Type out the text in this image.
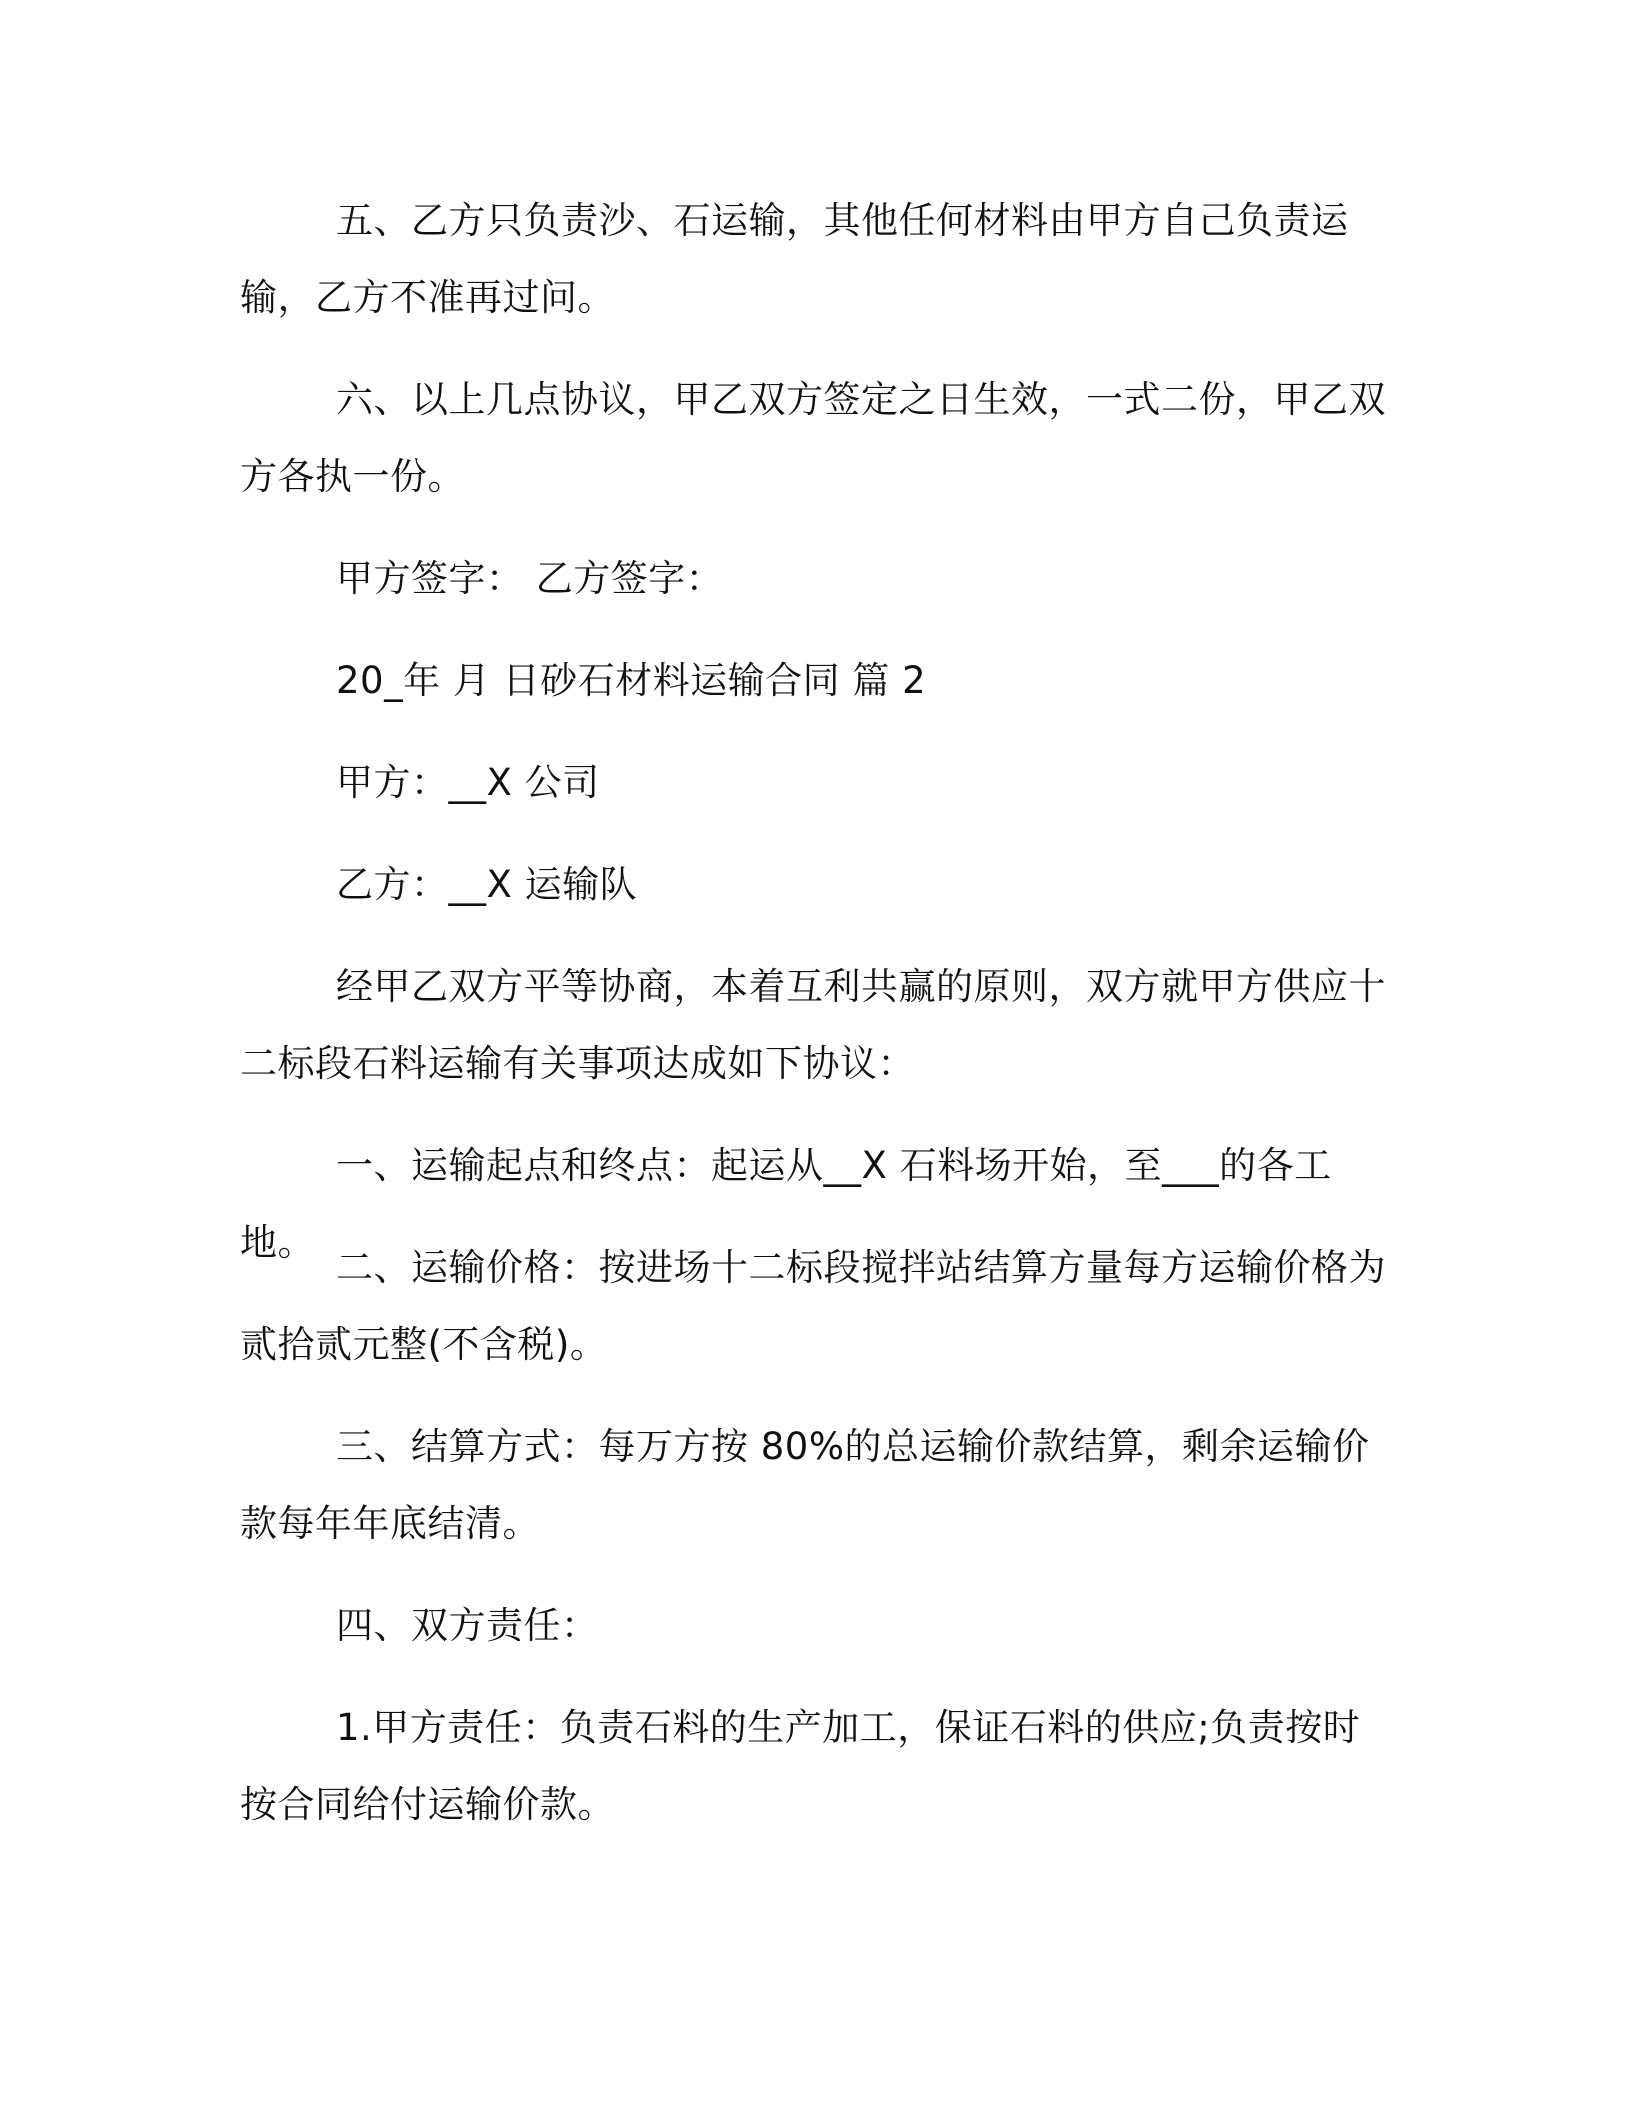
五、乙方只负责沙、石运输，其他任何材料由甲方自己负责运输，乙方不准再过问。

六、以上几点协议，甲乙双方签定之日生效，一式二份，甲乙双方各执一份。

甲方签字： 乙方签字：

20_年 月 日砂石材料运输合同 篇 2

甲方：__X 公司

乙方：__X 运输队

经甲乙双方平等协商，本着互利共赢的原则，双方就甲方供应十二标段石料运输有关事项达成如下协议：

一、运输起点和终点：起运从__X 石料场开始，至___的各工地。

二、运输价格：按进场十二标段搅拌站结算方量每方运输价格为贰拾贰元整(不含税)。

三、结算方式：每万方按 80%的总运输价款结算，剩余运输价款每年年底结清。

四、双方责任：

1.甲方责任：负责石料的生产加工，保证石料的供应;负责按时按合同给付运输价款。
